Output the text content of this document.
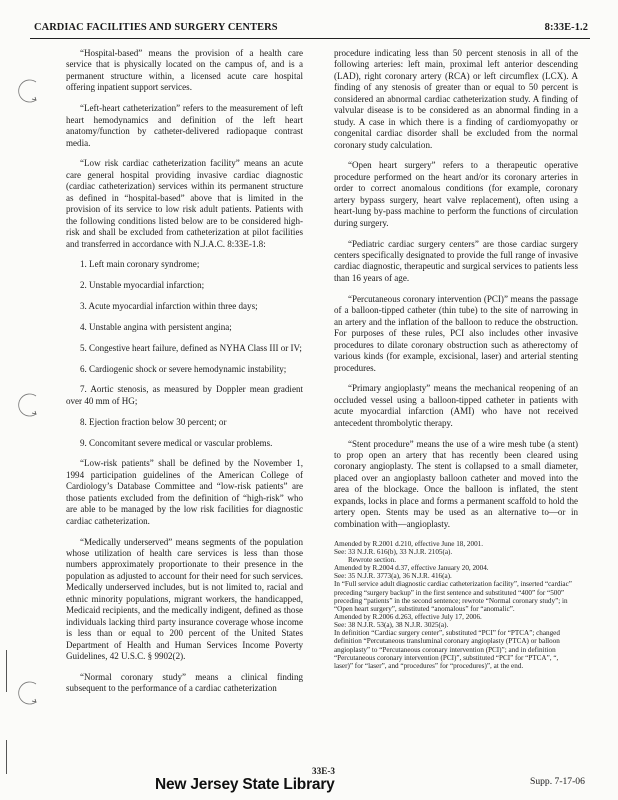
CARDIAC FACILITIES AND SURGERY CENTERS	8:33E-1.2

“Hospital-based” means the provision of a health care service that is physically located on the campus of, and is a permanent structure within, a licensed acute care hospital offering inpatient support services.

“Left-heart catheterization” refers to the measurement of left heart hemodynamics and definition of the left heart anatomy/function by catheter-delivered radiopaque contrast media.

“Low risk cardiac catheterization facility” means an acute care general hospital providing invasive cardiac diagnostic (cardiac catheterization) services within its permanent structure as defined in “hospital-based” above that is limited in the provision of its service to low risk adult patients. Patients with the following conditions listed below are to be considered high-risk and shall be excluded from catheterization at pilot facilities and transferred in accordance with N.J.A.C. 8:33E-1.8:

1. Left main coronary syndrome;
2. Unstable myocardial infarction;
3. Acute myocardial infarction within three days;
4. Unstable angina with persistent angina;
5. Congestive heart failure, defined as NYHA Class III or IV;
6. Cardiogenic shock or severe hemodynamic instability;
7. Aortic stenosis, as measured by Doppler mean gradient over 40 mm of HG;
8. Ejection fraction below 30 percent; or
9. Concomitant severe medical or vascular problems.

“Low-risk patients” shall be defined by the November 1, 1994 participation guidelines of the American College of Cardiology’s Database Committee and “low-risk patients” are those patients excluded from the definition of “high-risk” who are able to be managed by the low risk facilities for diagnostic cardiac catheterization.

“Medically underserved” means segments of the population whose utilization of health care services is less than those numbers approximately proportionate to their presence in the population as adjusted to account for their need for such services. Medically underserved includes, but is not limited to, racial and ethnic minority populations, migrant workers, the handicapped, Medicaid recipients, and the medically indigent, defined as those individuals lacking third party insurance coverage whose income is less than or equal to 200 percent of the United States Department of Health and Human Services Income Poverty Guidelines, 42 U.S.C. § 9902(2).

“Normal coronary study” means a clinical finding subsequent to the performance of a cardiac catheterization

procedure indicating less than 50 percent stenosis in all of the following arteries: left main, proximal left anterior descending (LAD), right coronary artery (RCA) or left circumflex (LCX). A finding of any stenosis of greater than or equal to 50 percent is considered an abnormal cardiac catheterization study. A finding of valvular disease is to be considered as an abnormal finding in a study. A case in which there is a finding of cardiomyopathy or congenital cardiac disorder shall be excluded from the normal coronary study calculation.

“Open heart surgery” refers to a therapeutic operative procedure performed on the heart and/or its coronary arteries in order to correct anomalous conditions (for example, coronary artery bypass surgery, heart valve replacement), often using a heart-lung by-pass machine to perform the functions of circulation during surgery.

“Pediatric cardiac surgery centers” are those cardiac surgery centers specifically designated to provide the full range of invasive cardiac diagnostic, therapeutic and surgical services to patients less than 16 years of age.

“Percutaneous coronary intervention (PCI)” means the passage of a balloon-tipped catheter (thin tube) to the site of narrowing in an artery and the inflation of the balloon to reduce the obstruction. For purposes of these rules, PCI also includes other invasive procedures to dilate coronary obstruction such as atherectomy of various kinds (for example, excisional, laser) and arterial stenting procedures.

“Primary angioplasty” means the mechanical reopening of an occluded vessel using a balloon-tipped catheter in patients with acute myocardial infarction (AMI) who have not received antecedent thrombolytic therapy.

“Stent procedure” means the use of a wire mesh tube (a stent) to prop open an artery that has recently been cleared using coronary angioplasty. The stent is collapsed to a small diameter, placed over an angioplasty balloon catheter and moved into the area of the blockage. Once the balloon is inflated, the stent expands, locks in place and forms a permanent scaffold to hold the artery open. Stents may be used as an alternative to—or in combination with—angioplasty.

Amended by R.2001 d.210, effective June 18, 2001.
See: 33 N.J.R. 616(b), 33 N.J.R. 2105(a).
Rewrote section.
Amended by R.2004 d.37, effective January 20, 2004.
See: 35 N.J.R. 3773(a), 36 N.J.R. 416(a).
In “Full service adult diagnostic cardiac catheterization facility”, inserted “cardiac” preceding “surgery backup” in the first sentence and substituted “400” for “500” preceding “patients” in the second sentence; rewrote “Normal coronary study”; in “Open heart surgery”, substituted “anomalous” for “anomalic”.
Amended by R.2006 d.263, effective July 17, 2006.
See: 38 N.J.R. 53(a), 38 N.J.R. 3025(a).
In definition “Cardiac surgery center”, substituted “PCI” for “PTCA”; changed definition “Percutaneous transluminal coronary angioplasty (PTCA) or balloon angioplasty” to “Percutaneous coronary intervention (PCI)”; and in definition “Percutaneous coronary intervention (PCI)”, substituted “PCI” for “PTCA”, “, laser)” for “laser”, and “procedures” for “procedures)”, at the end.
New Jersey State Library
33E-3
Supp. 7-17-06
